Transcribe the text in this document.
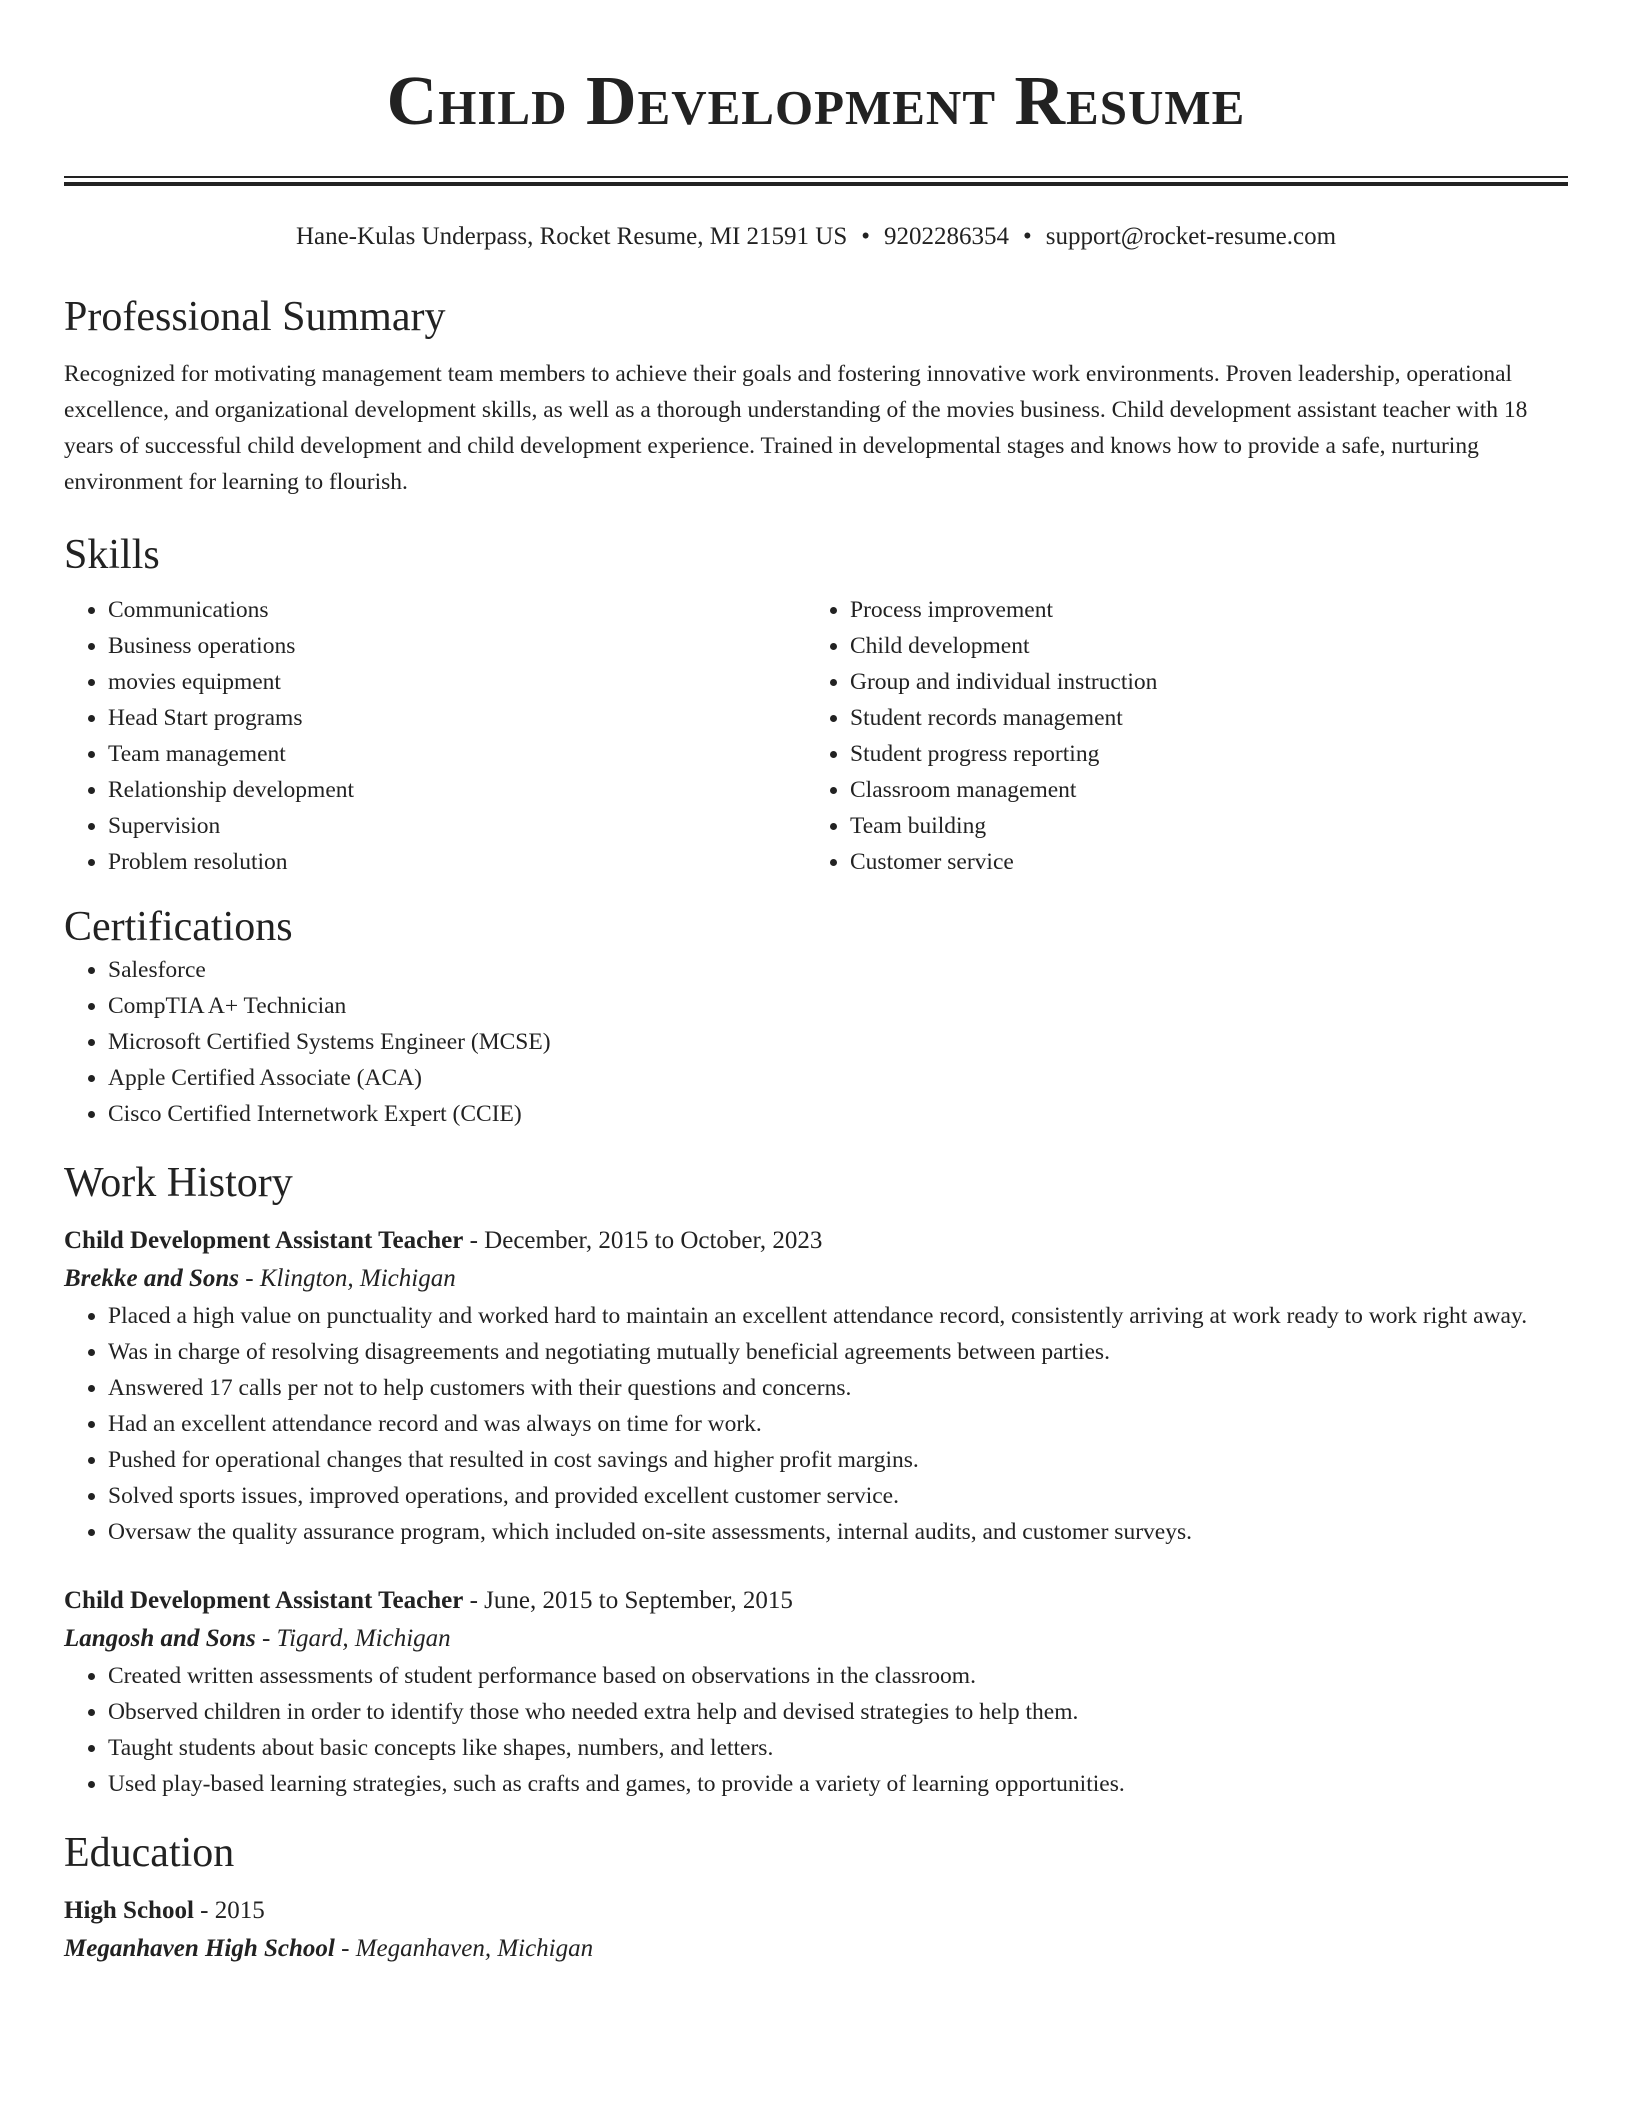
Child Development Resume
Hane-Kulas Underpass, Rocket Resume, MI 21591 US • 9202286354 • support@rocket-resume.com
Professional Summary
Recognized for motivating management team members to achieve their goals and fostering innovative work environments. Proven leadership, operational excellence, and organizational development skills, as well as a thorough understanding of the movies business. Child development assistant teacher with 18 years of successful child development and child development experience. Trained in developmental stages and knows how to provide a safe, nurturing environment for learning to flourish.
Skills
• Communications
• Business operations
• movies equipment
• Head Start programs
• Team management
• Relationship development
• Supervision
• Problem resolution
• Process improvement
• Child development
• Group and individual instruction
• Student records management
• Student progress reporting
• Classroom management
• Team building
• Customer service
Certifications
• Salesforce
• CompTIA A+ Technician
• Microsoft Certified Systems Engineer (MCSE)
• Apple Certified Associate (ACA)
• Cisco Certified Internetwork Expert (CCIE)
Work History
Child Development Assistant Teacher - December, 2015 to October, 2023
Brekke and Sons - Klington, Michigan
• Placed a high value on punctuality and worked hard to maintain an excellent attendance record, consistently arriving at work ready to work right away.
• Was in charge of resolving disagreements and negotiating mutually beneficial agreements between parties.
• Answered 17 calls per not to help customers with their questions and concerns.
• Had an excellent attendance record and was always on time for work.
• Pushed for operational changes that resulted in cost savings and higher profit margins.
• Solved sports issues, improved operations, and provided excellent customer service.
• Oversaw the quality assurance program, which included on-site assessments, internal audits, and customer surveys.
Child Development Assistant Teacher - June, 2015 to September, 2015
Langosh and Sons - Tigard, Michigan
• Created written assessments of student performance based on observations in the classroom.
• Observed children in order to identify those who needed extra help and devised strategies to help them.
• Taught students about basic concepts like shapes, numbers, and letters.
• Used play-based learning strategies, such as crafts and games, to provide a variety of learning opportunities.
Education
High School - 2015
Meganhaven High School - Meganhaven, Michigan
